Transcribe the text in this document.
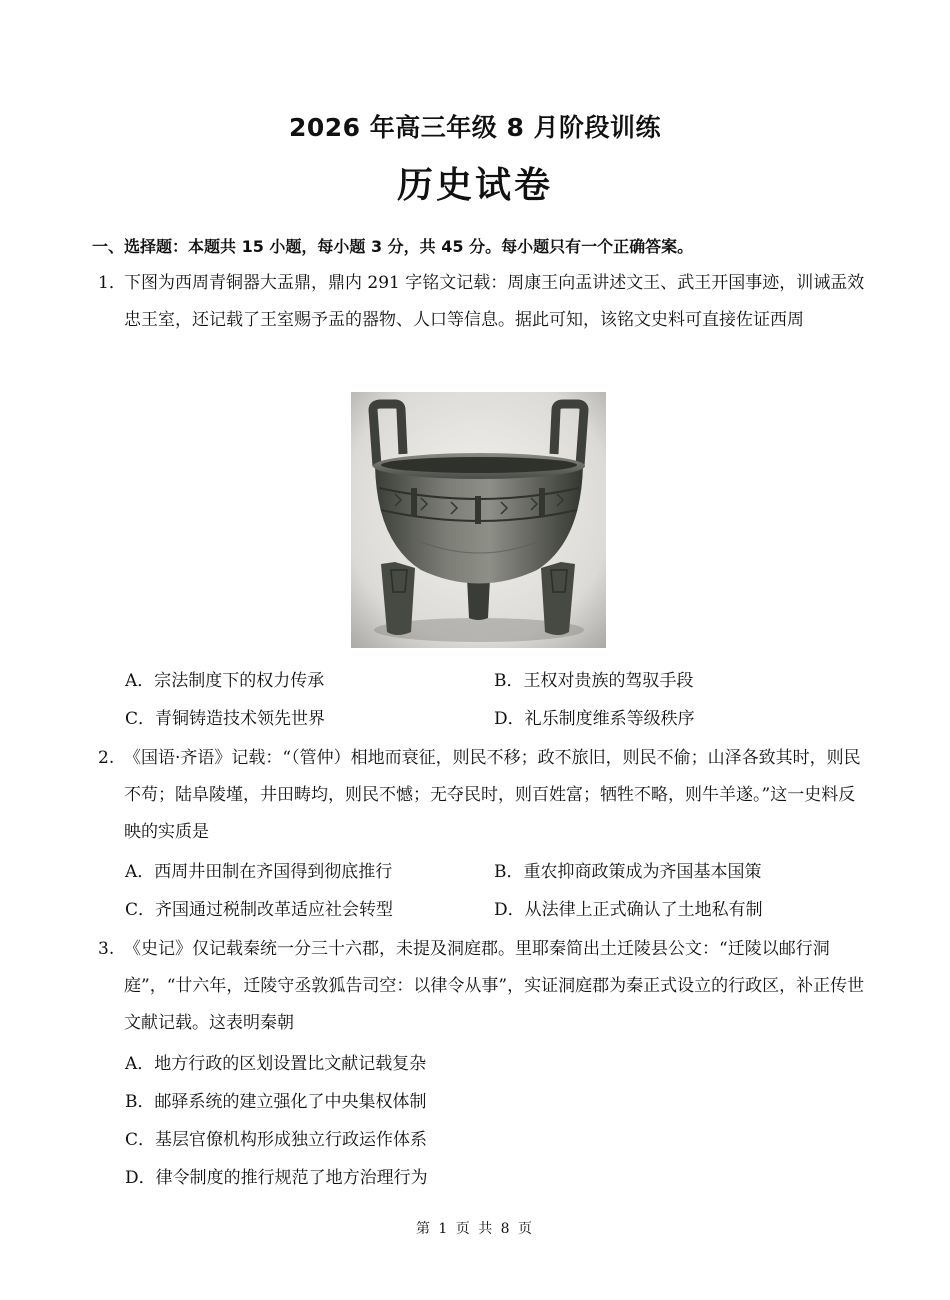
2026 年高三年级 8 月阶段训练
历史试卷
一、选择题：本题共 15 小题，每小题 3 分，共 45 分。每小题只有一个正确答案。
1．
下图为西周青铜器大盂鼎，鼎内 291 字铭文记载：周康王向盂讲述文王、武王开国事迹，训诫盂效忠王室，还记载了王室赐予盂的器物、人口等信息。据此可知，该铭文史料可直接佐证西周
A．宗法制度下的权力传承	B．王权对贵族的驾驭手段
C．青铜铸造技术领先世界	D．礼乐制度维系等级秩序
2. 《国语·齐语》记载：“（管仲）相地而衰征，则民不移；政不旅旧，则民不偷；山泽各致其时，则民不苟；陆阜陵墐，井田畴均，则民不憾；无夺民时，则百姓富；牺牲不略，则牛羊遂。”这一史料反映的实质是
A．西周井田制在齐国得到彻底推行	B．重农抑商政策成为齐国基本国策
C．齐国通过税制改革适应社会转型	D．从法律上正式确认了土地私有制
3. 《史记》仅记载秦统一分三十六郡，未提及洞庭郡。里耶秦简出土迁陵县公文：“迁陵以邮行洞庭”，“廿六年，迁陵守丞敦狐告司空：以律令从事”，实证洞庭郡为秦正式设立的行政区，补正传世文献记载。这表明秦朝
A．地方行政的区划设置比文献记载复杂
B．邮驿系统的建立强化了中央集权体制
C．基层官僚机构形成独立行政运作体系
D．律令制度的推行规范了地方治理行为
第 1 页 共 8 页
